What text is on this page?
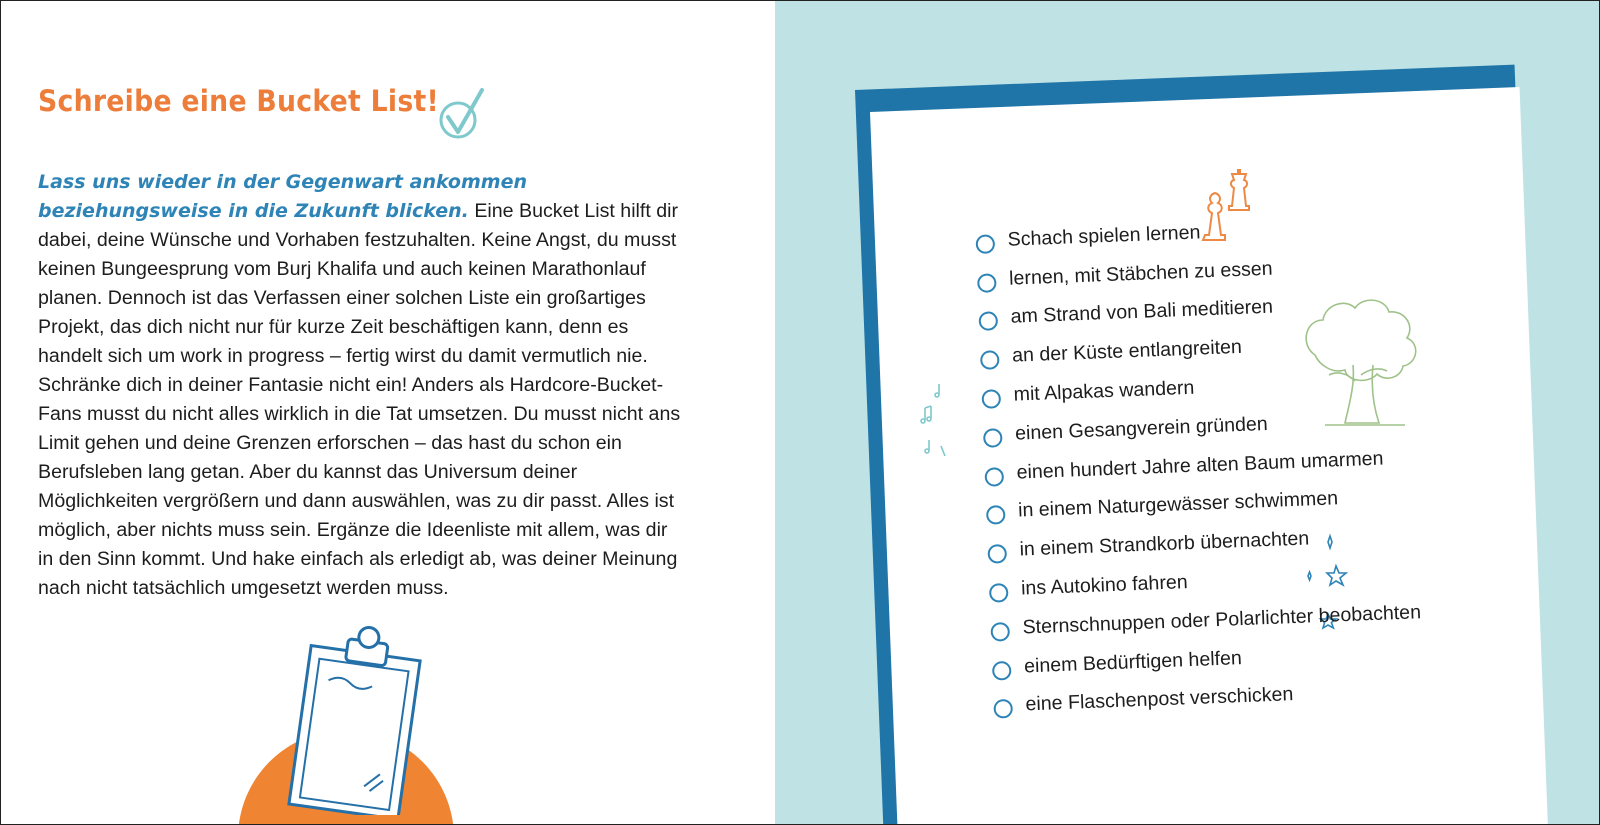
Schreibe eine Bucket List!

Lass uns wieder in der Gegenwart ankommen beziehungsweise in die Zukunft blicken. Eine Bucket List hilft dir dabei, deine Wünsche und Vorhaben festzuhalten. Keine Angst, du musst keinen Bungeesprung vom Burj Khalifa und auch keinen Marathonlauf planen. Dennoch ist das Verfassen einer solchen Liste ein großartiges Projekt, das dich nicht nur für kurze Zeit beschäftigen kann, denn es handelt sich um work in progress – fertig wirst du damit vermutlich nie. Schränke dich in deiner Fantasie nicht ein! Anders als Hardcore-Bucket-Fans musst du nicht alles wirklich in die Tat umsetzen. Du musst nicht ans Limit gehen und deine Grenzen erforschen – das hast du schon ein Berufsleben lang getan. Aber du kannst das Universum deiner Möglichkeiten vergrößern und dann auswählen, was zu dir passt. Alles ist möglich, aber nichts muss sein. Ergänze die Ideenliste mit allem, was dir in den Sinn kommt. Und hake einfach als erledigt ab, was deiner Meinung nach nicht tatsächlich umgesetzt werden muss.

Schach spielen lernen
lernen, mit Stäbchen zu essen
am Strand von Bali meditieren
an der Küste entlangreiten
mit Alpakas wandern
einen Gesangverein gründen
einen hundert Jahre alten Baum umarmen
in einem Naturgewässer schwimmen
in einem Strandkorb übernachten
ins Autokino fahren
Sternschnuppen oder Polarlichter beobachten
einem Bedürftigen helfen
eine Flaschenpost verschicken
